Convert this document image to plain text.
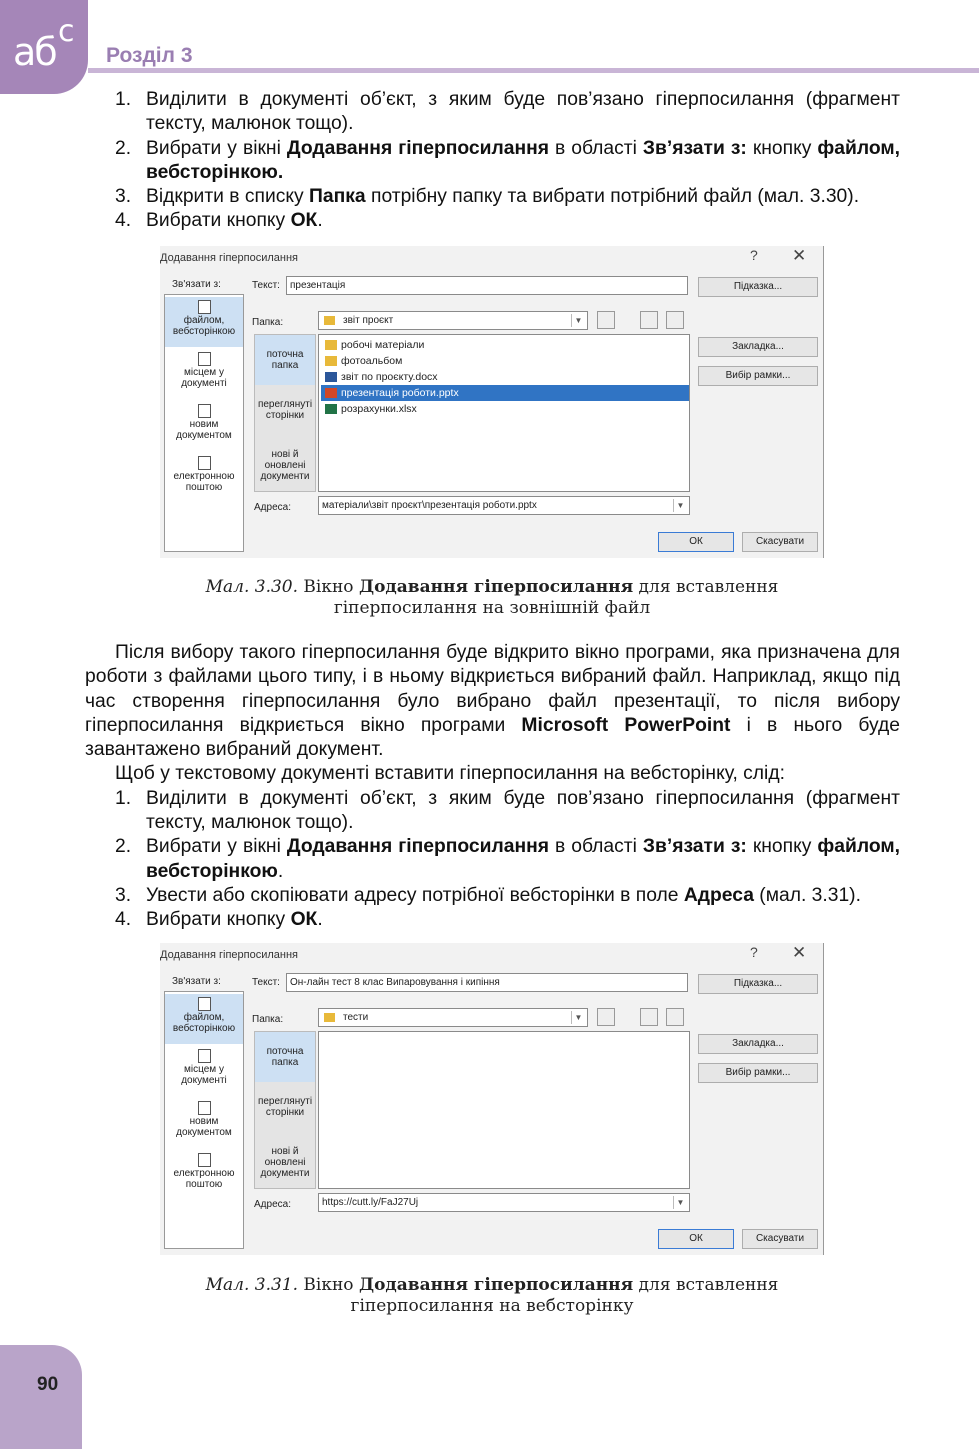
аб с
Розділ 3
1. Виділити в документі об’єкт, з яким буде пов’язано гіперпосилання (фрагмент тексту, малюнок тощо).
2. Вибрати у вікні Додавання гіперпосилання в області Зв’язати з: кнопку файлом, вебсторінкою.
3. Відкрити в списку Папка потрібну папку та вибрати потрібний файл (мал. 3.30).
4. Вибрати кнопку ОК.
Додавання гіперпосилання	? ✕
Зв'язати з:
файлом, вебсторінкою
місцем у документі
новим документом
електронною поштою
Текст:	презентація
Папка:	звіт проєкт	▼
поточна папка
переглянуті сторінки
нові й оновлені документи
робочі матеріали
фотоальбом
звіт по проєкту.docx
презентація роботи.pptx
розрахунки.xlsx
Адреса:	матеріали\звіт проєкт\презентація роботи.pptx	▼
Підказка...
Закладка...
Вибір рамки...
ОК	Скасувати
Мал. 3.30. Вікно Додавання гіперпосилання для вставлення
гіперпосилання на зовнішній файл

Після вибору такого гіперпосилання буде відкрито вікно програми, яка призначена для роботи з файлами цього типу, і в ньому відкриється вибраний файл. Наприклад, якщо під час створення гіперпосилання було вибрано файл презентації, то після вибору гіперпосилання відкриється вікно програми Microsoft PowerPoint і в нього буде завантажено вибраний документ.

Щоб у текстовому документі вставити гіперпосилання на вебсторінку, слід:

1. Виділити в документі об’єкт, з яким буде пов’язано гіперпосилання (фрагмент тексту, малюнок тощо).
2. Вибрати у вікні Додавання гіперпосилання в області Зв’язати з: кнопку файлом, вебсторінкою.
3. Увести або скопіювати адресу потрібної вебсторінки в поле Адреса (мал. 3.31).
4. Вибрати кнопку ОК.
Додавання гіперпосилання	? ✕
Зв'язати з:
файлом, вебсторінкою
місцем у документі
новим документом
електронною поштою
Текст:	Он-лайн тест 8 клас Випаровування і кипіння
Папка:	тести	▼
поточна папка
переглянуті сторінки
нові й оновлені документи
Адреса:	https://cutt.ly/FaJ27Uj	▼
Підказка...
Закладка...
Вибір рамки...
ОК	Скасувати
Мал. 3.31. Вікно Додавання гіперпосилання для вставлення
гіперпосилання на вебсторінку
90
